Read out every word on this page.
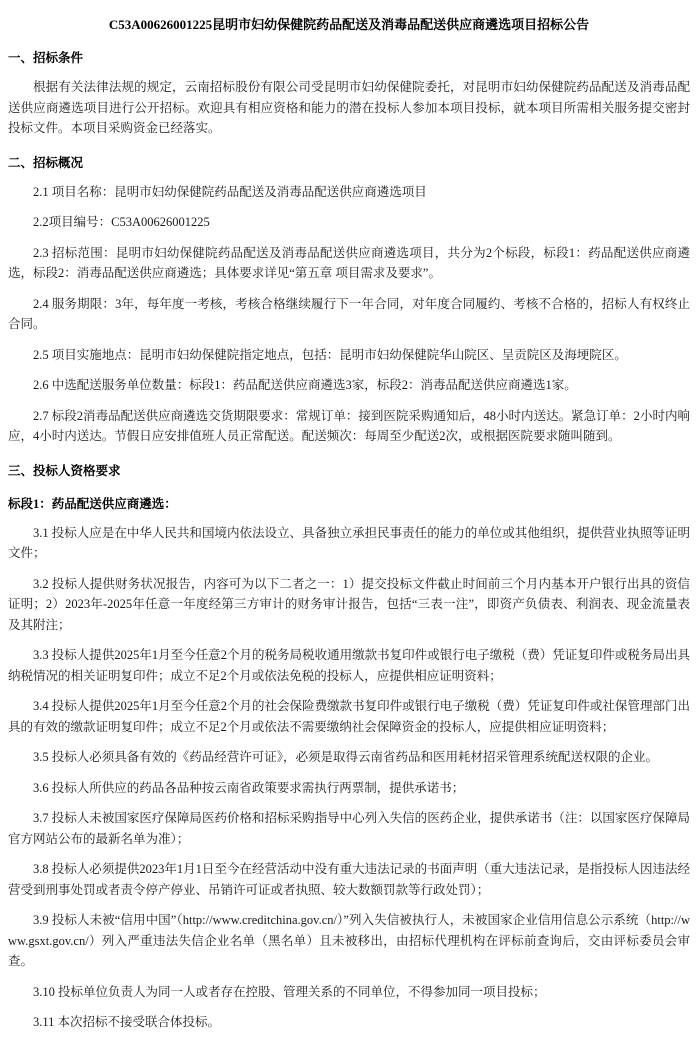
C53A00626001225昆明市妇幼保健院药品配送及消毒品配送供应商遴选项目招标公告
一、招标条件

根据有关法律法规的规定，云南招标股份有限公司受昆明市妇幼保健院委托，对昆明市妇幼保健院药品配送及消毒品配送供应商遴选项目进行公开招标。欢迎具有相应资格和能力的潜在投标人参加本项目投标，就本项目所需相关服务提交密封投标文件。本项目采购资金已经落实。

二、招标概况

2.1 项目名称：昆明市妇幼保健院药品配送及消毒品配送供应商遴选项目

2.2项目编号：C53A00626001225

2.3 招标范围：昆明市妇幼保健院药品配送及消毒品配送供应商遴选项目，共分为2个标段，标段1：药品配送供应商遴选，标段2：消毒品配送供应商遴选；具体要求详见“第五章 项目需求及要求”。

2.4 服务期限：3年，每年度一考核，考核合格继续履行下一年合同，对年度合同履约、考核不合格的，招标人有权终止合同。

2.5 项目实施地点：昆明市妇幼保健院指定地点，包括：昆明市妇幼保健院华山院区、呈贡院区及海埂院区。

2.6 中选配送服务单位数量：标段1：药品配送供应商遴选3家，标段2：消毒品配送供应商遴选1家。

2.7 标段2消毒品配送供应商遴选交货期限要求：常规订单：接到医院采购通知后，48小时内送达。紧急订单：2小时内响应，4小时内送达。节假日应安排值班人员正常配送。配送频次：每周至少配送2次，或根据医院要求随叫随到。

三、投标人资格要求

标段1：药品配送供应商遴选：

3.1 投标人应是在中华人民共和国境内依法设立、具备独立承担民事责任的能力的单位或其他组织，提供营业执照等证明文件；

3.2 投标人提供财务状况报告，内容可为以下二者之一：1）提交投标文件截止时间前三个月内基本开户银行出具的资信证明；2）2023年-2025年任意一年度经第三方审计的财务审计报告，包括“三表一注”，即资产负债表、利润表、现金流量表及其附注；

3.3 投标人提供2025年1月至今任意2个月的税务局税收通用缴款书复印件或银行电子缴税（费）凭证复印件或税务局出具纳税情况的相关证明复印件；成立不足2个月或依法免税的投标人，应提供相应证明资料；

3.4 投标人提供2025年1月至今任意2个月的社会保险费缴款书复印件或银行电子缴税（费）凭证复印件或社保管理部门出具的有效的缴款证明复印件；成立不足2个月或依法不需要缴纳社会保障资金的投标人，应提供相应证明资料；

3.5 投标人必须具备有效的《药品经营许可证》，必须是取得云南省药品和医用耗材招采管理系统配送权限的企业。

3.6 投标人所供应的药品各品种按云南省政策要求需执行两票制，提供承诺书；

3.7 投标人未被国家医疗保障局医药价格和招标采购指导中心列入失信的医药企业，提供承诺书（注：以国家医疗保障局官方网站公布的最新名单为准）；

3.8 投标人必须提供2023年1月1日至今在经营活动中没有重大违法记录的书面声明（重大违法记录，是指投标人因违法经营受到刑事处罚或者责令停产停业、吊销许可证或者执照、较大数额罚款等行政处罚）；

3.9 投标人未被“信用中国”（http://www.creditchina.gov.cn/）”列入失信被执行人，未被国家企业信用信息公示系统（http://www.gsxt.gov.cn/）列入严重违法失信企业名单（黑名单）且未被移出，由招标代理机构在评标前查询后，交由评标委员会审查。

3.10 投标单位负责人为同一人或者存在控股、管理关系的不同单位，不得参加同一项目投标；

3.11 本次招标不接受联合体投标。
